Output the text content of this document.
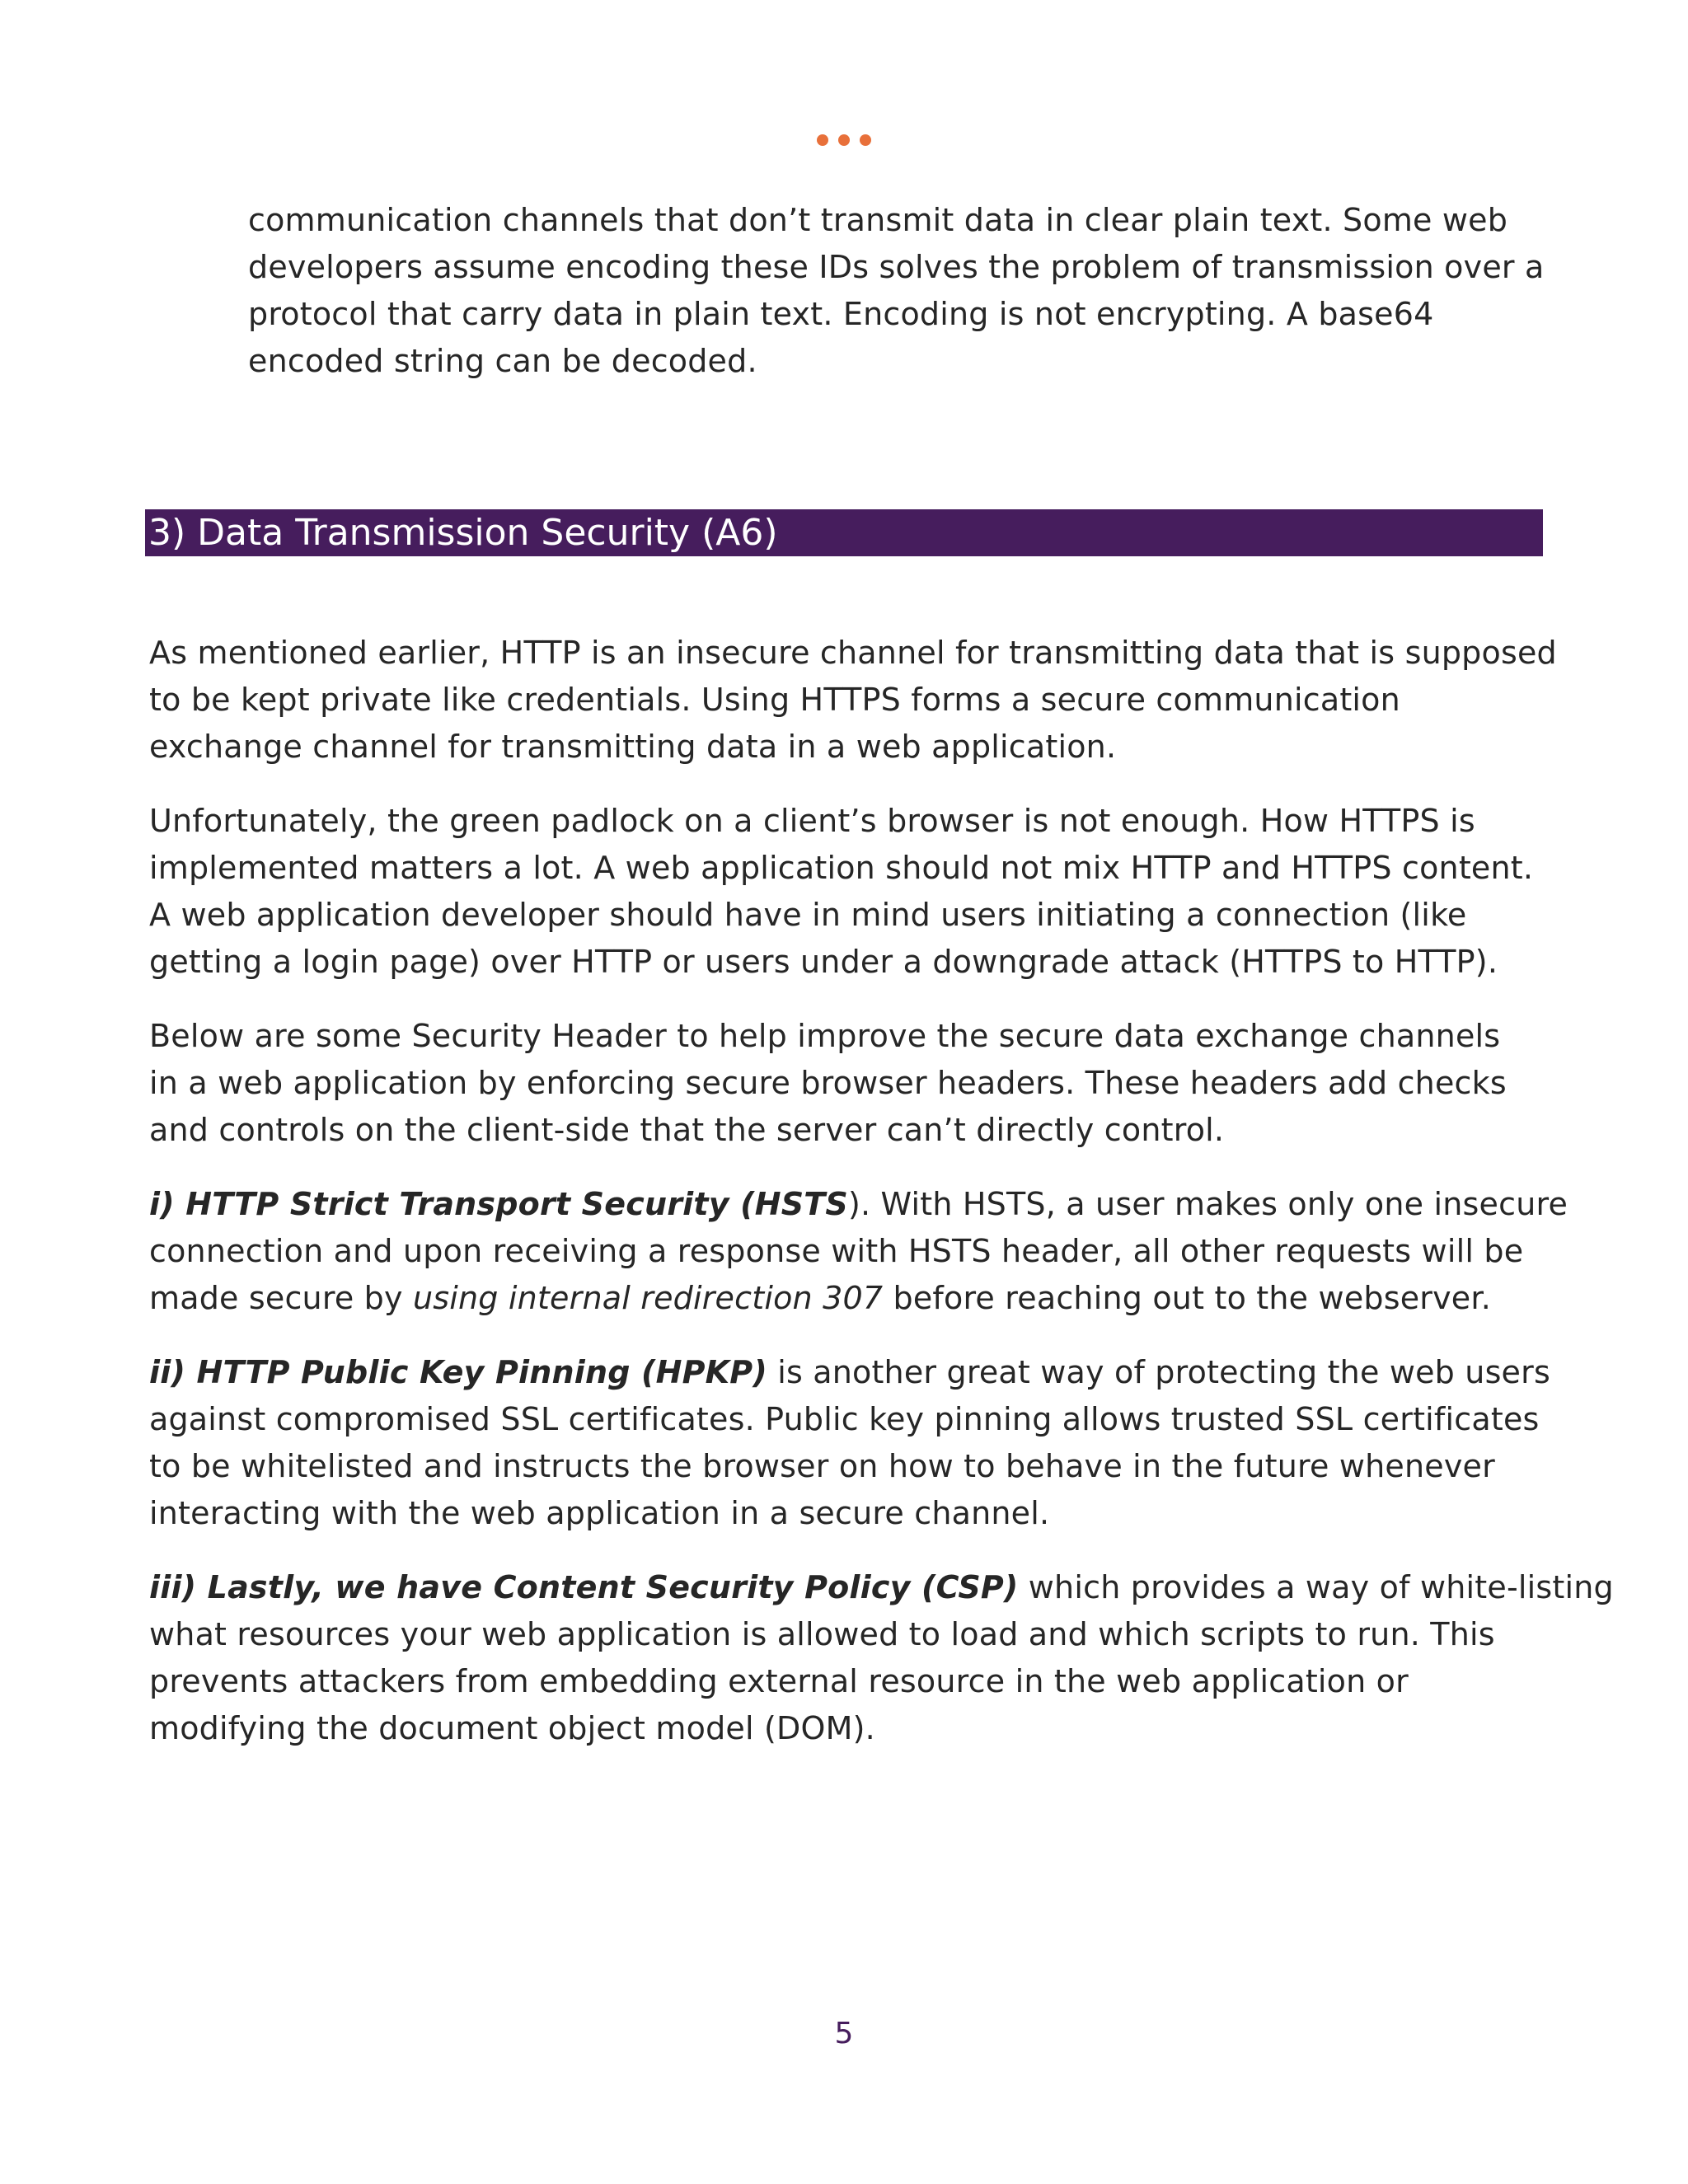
communication channels that don’t transmit data in clear plain text. Some web
developers assume encoding these IDs solves the problem of transmission over a
protocol that carry data in plain text. Encoding is not encrypting. A base64
encoded string can be decoded.
3) Data Transmission Security (A6)
As mentioned earlier, HTTP is an insecure channel for transmitting data that is supposed
to be kept private like credentials. Using HTTPS forms a secure communication
exchange channel for transmitting data in a web application.
Unfortunately, the green padlock on a client’s browser is not enough. How HTTPS is
implemented matters a lot. A web application should not mix HTTP and HTTPS content.
A web application developer should have in mind users initiating a connection (like
getting a login page) over HTTP or users under a downgrade attack (HTTPS to HTTP).
Below are some Security Header to help improve the secure data exchange channels
in a web application by enforcing secure browser headers. These headers add checks
and controls on the client-side that the server can’t directly control.
i) HTTP Strict Transport Security (HSTS). With HSTS, a user makes only one insecure
connection and upon receiving a response with HSTS header, all other requests will be
made secure by using internal redirection 307 before reaching out to the webserver.
ii) HTTP Public Key Pinning (HPKP) is another great way of protecting the web users
against compromised SSL certificates. Public key pinning allows trusted SSL certificates
to be whitelisted and instructs the browser on how to behave in the future whenever
interacting with the web application in a secure channel.
iii) Lastly, we have Content Security Policy (CSP) which provides a way of white-listing
what resources your web application is allowed to load and which scripts to run. This
prevents attackers from embedding external resource in the web application or
modifying the document object model (DOM).
5
